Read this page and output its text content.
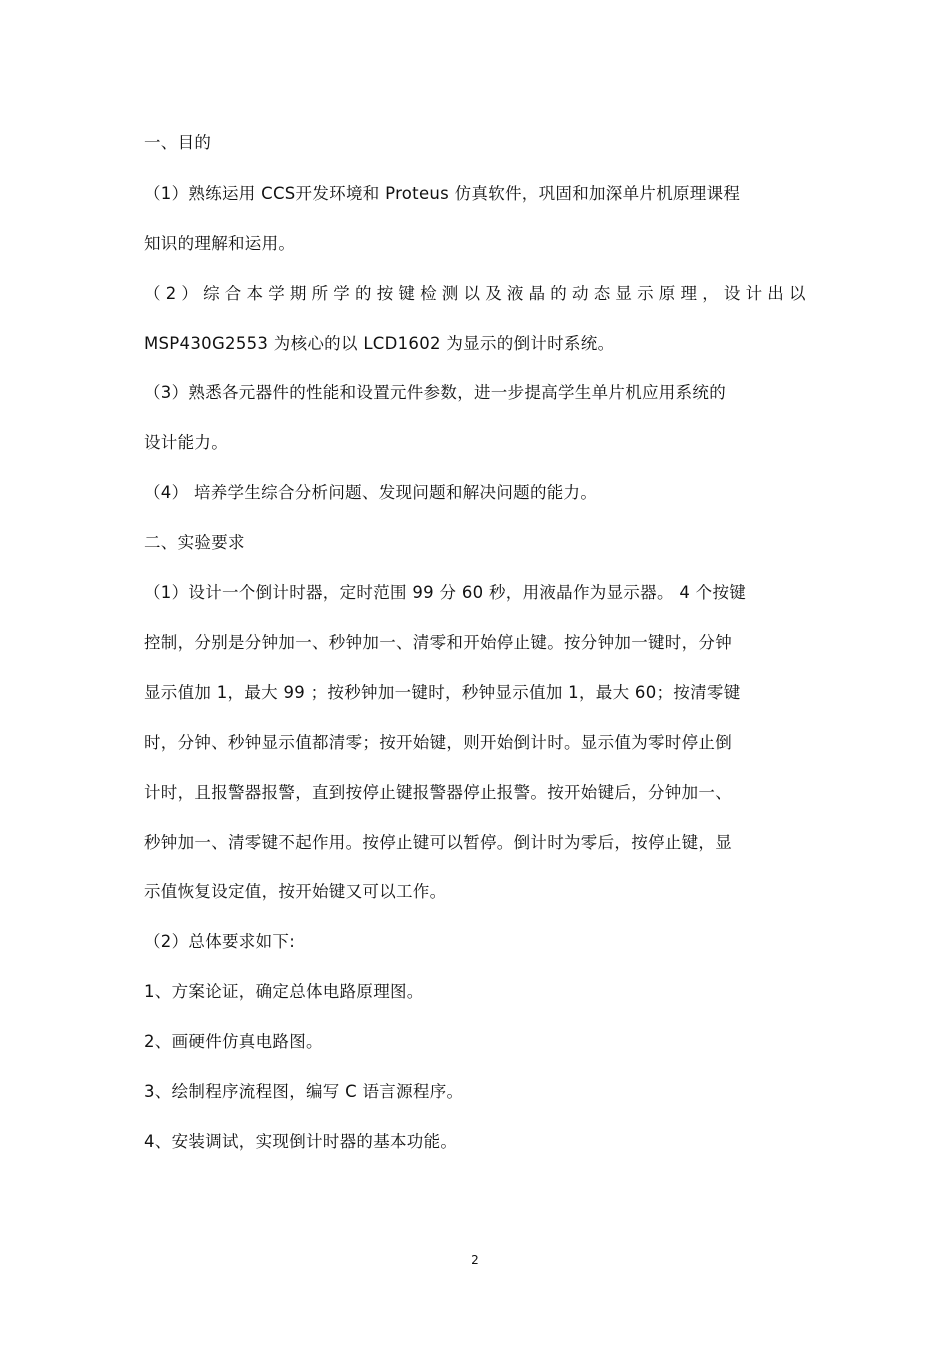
一、目的
（1）熟练运用 CCS开发环境和 Proteus 仿真软件，巩固和加深单片机原理课程
知识的理解和运用。
（2）综合本学期所学的按键检测以及液晶的动态显示原理，设计出以
MSP430G2553 为核心的以 LCD1602 为显示的倒计时系统。
（3）熟悉各元器件的性能和设置元件参数，进一步提高学生单片机应用系统的
设计能力。
（4） 培养学生综合分析问题、发现问题和解决问题的能力。
二、实验要求
（1）设计一个倒计时器，定时范围 99 分 60 秒，用液晶作为显示器。 4 个按键
控制，分别是分钟加一、秒钟加一、清零和开始停止键。按分钟加一键时，分钟
显示值加 1，最大 99 ；按秒钟加一键时，秒钟显示值加 1，最大 60；按清零键
时，分钟、秒钟显示值都清零；按开始键，则开始倒计时。显示值为零时停止倒
计时，且报警器报警，直到按停止键报警器停止报警。按开始键后，分钟加一、
秒钟加一、清零键不起作用。按停止键可以暂停。倒计时为零后，按停止键，显
示值恢复设定值，按开始键又可以工作。
（2）总体要求如下:
1、方案论证，确定总体电路原理图。
2、画硬件仿真电路图。
3、绘制程序流程图，编写 C 语言源程序。
4、安装调试，实现倒计时器的基本功能。
2
